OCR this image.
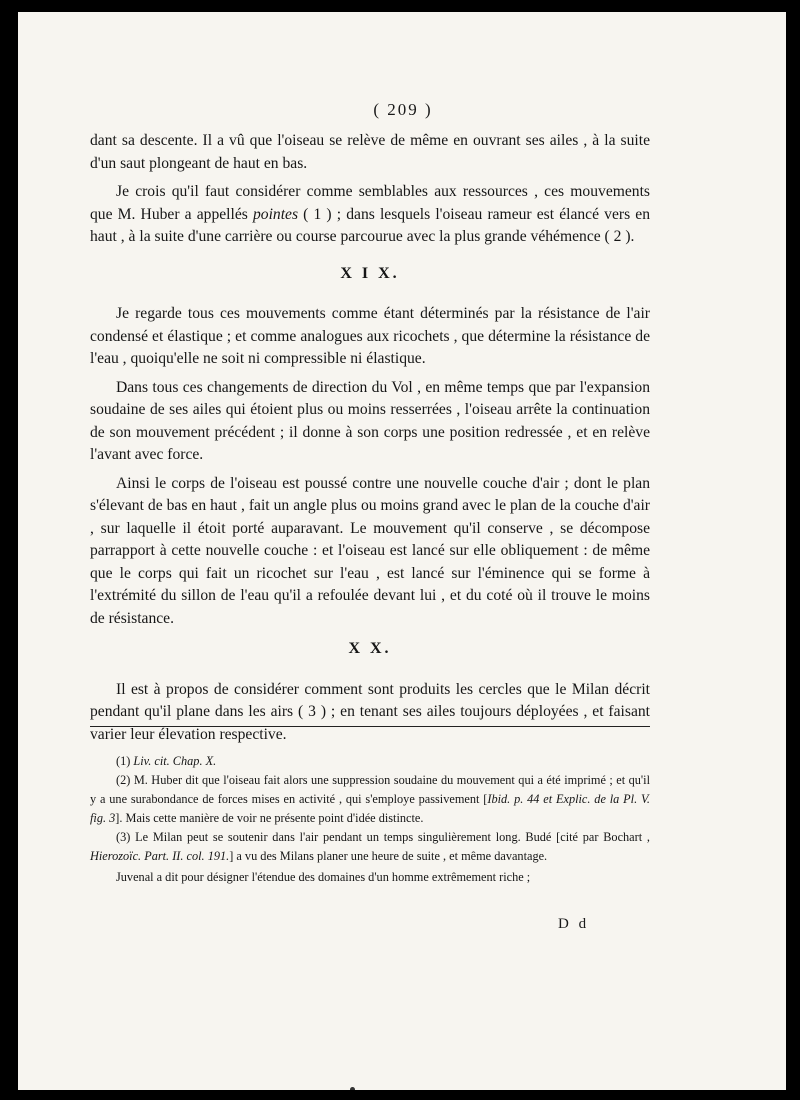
( 209 )

dant sa descente. Il a vû que l'oiseau se relève de même en ouvrant ses ailes , à la suite d'un saut plongeant de haut en bas.

Je crois qu'il faut considérer comme semblables aux ressources , ces mouvements que M. Huber a appellés pointes ( 1 ) ; dans lesquels l'oiseau rameur est élancé vers en haut , à la suite d'une carrière ou course parcourue avec la plus grande véhémence ( 2 ).

X I X.

Je regarde tous ces mouvements comme étant déterminés par la résistance de l'air condensé et élastique ; et comme analogues aux ricochets , que détermine la résistance de l'eau , quoiqu'elle ne soit ni compressible ni élastique.

Dans tous ces changements de direction du Vol , en même temps que par l'expansion soudaine de ses ailes qui étoient plus ou moins resserrées , l'oiseau arrête la continuation de son mouvement précédent ; il donne à son corps une position redressée , et en relève l'avant avec force.

Ainsi le corps de l'oiseau est poussé contre une nouvelle couche d'air ; dont le plan s'élevant de bas en haut , fait un angle plus ou moins grand avec le plan de la couche d'air , sur laquelle il étoit porté auparavant. Le mouvement qu'il conserve , se décompose parrapport à cette nouvelle couche : et l'oiseau est lancé sur elle obliquement : de même que le corps qui fait un ricochet sur l'eau , est lancé sur l'éminence qui se forme à l'extrémité du sillon de l'eau qu'il a refoulée devant lui , et du coté où il trouve le moins de résistance.

X X.

Il est à propos de considérer comment sont produits les cercles que le Milan décrit pendant qu'il plane dans les airs ( 3 ) ; en tenant ses ailes toujours déployées , et faisant varier leur élevation respective.

(1) Liv. cit. Chap. X.

(2) M. Huber dit que l'oiseau fait alors une suppression soudaine du mouvement qui a été imprimé ; et qu'il y a une surabondance de forces mises en activité , qui s'employe passivement [Ibid. p. 44 et Explic. de la Pl. V. fig. 3]. Mais cette manière de voir ne présente point d'idée distincte.

(3) Le Milan peut se soutenir dans l'air pendant un temps singulièrement long. Budé [cité par Bochart , Hierozoïc. Part. II. col. 191.] a vu des Milans planer une heure de suite , et même davantage.

Juvenal a dit pour désigner l'étendue des domaines d'un homme extrêmement riche ;

D d
